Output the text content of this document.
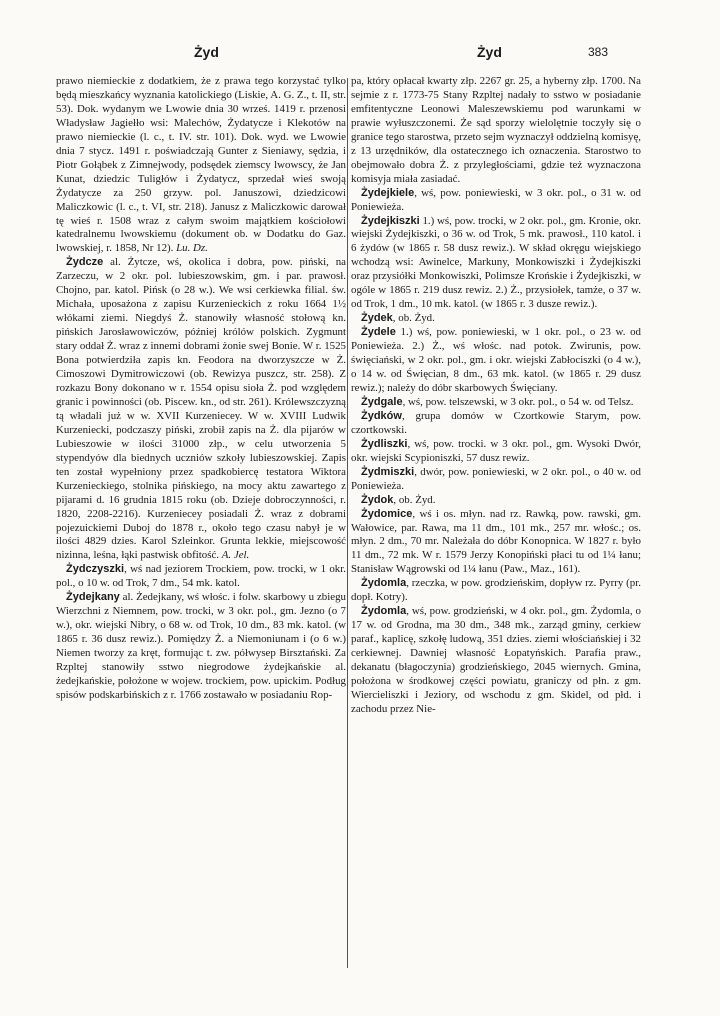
Żyd	Żyd	383

prawo niemieckie z dodatkiem, że z prawa tego korzystać tylko będą mieszkańcy wyznania katolickiego (Liskie, A. G. Z., t. II, str. 53). Dok. wydanym we Lwowie dnia 30 wrześ. 1419 r. przenosi Władysław Jagiełło wsi: Malechów, Żydatycze i Klekotów na prawo niemieckie (l. c., t. IV. str. 101). Dok. wyd. we Lwowie dnia 7 stycz. 1491 r. poświadczają Gunter z Sieniawy, sędzia, i Piotr Gołąbek z Zimnejwody, podsędek ziemscy lwowscy, że Jan Kunat, dziedzic Tuligłów i Żydatycz, sprzedał wieś swoją Żydatycze za 250 grzyw. pol. Januszowi, dziedzicowi Maliczkowic (l. c., t. VI, str. 218). Janusz z Maliczkowic darował tę wieś r. 1508 wraz z całym swoim majątkiem kościołowi katedralnemu lwowskiemu (dokument ob. w Dodatku do Gaz. lwowskiej, r. 1858, Nr 12). Lu. Dz.

Żydcze al. Żytcze, wś, okolica i dobra, pow. piński, na Zarzeczu, w 2 okr. pol. lubieszowskim, gm. i par. prawosł. Chojno, par. katol. Pińsk (o 28 w.). We wsi cerkiewka filial. św. Michała, uposażona z zapisu Kurzenieckich z roku 1664 1½ włókami ziemi. Niegdyś Ż. stanowiły własność stołową kn. pińskich Jarosławowiczów, później królów polskich. Zygmunt stary oddał Ż. wraz z innemi dobrami żonie swej Bonie. W r. 1525 Bona potwierdziła zapis kn. Feodora na dworzyszcze w Ż. Cimoszowi Dymitrowiczowi (ob. Rewizya puszcz, str. 258). Z rozkazu Bony dokonano w r. 1554 opisu sioła Ż. pod względem granic i powinności (ob. Piscew. kn., od str. 261). Królewszczyzną tą władali już w w. XVII Kurzeniecey. W w. XVIII Ludwik Kurzeniecki, podczaszy piński, zrobił zapis na Ż. dla pijarów w Lubieszowie w ilości 31000 złp., w celu utworzenia 5 stypendyów dla biednych uczniów szkoły lubieszowskiej. Zapis ten został wypełniony przez spadkobiercę testatora Wiktora Kurzenieckiego, stolnika pińskiego, na mocy aktu zawartego z pijarami d. 16 grudnia 1815 roku (ob. Dzieje dobroczynności, r. 1820, 2208-2216). Kurzeniecey posiadali Ż. wraz z dobrami pojezuickiemi Duboj do 1878 r., około tego czasu nabył je w ilości 4829 dzies. Karol Szleinkor. Grunta lekkie, miejscowość nizinna, leśna, łąki pastwisk obfitość. A. Jel.

Żydczyszki, wś nad jeziorem Trockiem, pow. trocki, w 1 okr. pol., o 10 w. od Trok, 7 dm., 54 mk. katol.

Żydejkany al. Żedejkany, wś włośc. i folw. skarbowy u zbiegu Wierzchni z Niemnem, pow. trocki, w 3 okr. pol., gm. Jezno (o 7 w.), okr. wiejski Nibry, o 68 w. od Trok, 10 dm., 83 mk. katol. (w 1865 r. 36 dusz rewiz.). Pomiędzy Ż. a Niemoniunam i (o 6 w.) Niemen tworzy za kręt, formując t. zw. półwysep Birsztański. Za Rzpltej stanowiły sstwo niegrodowe żydejkańskie al. żedejkańskie, położone w wojew. trockiem, pow. upickim. Podług spisów podskarbińskich z r. 1766 zostawało w posiadaniu Rop-

pa, który opłacał kwarty złp. 2267 gr. 25, a hyberny złp. 1700. Na sejmie z r. 1773-75 Stany Rzpltej nadały to sstwo w posiadanie emfitentyczne Leonowi Maleszewskiemu pod warunkami w prawie wyłuszczonemi. Że sąd sporzy wielolętnie toczyły się o granice tego starostwa, przeto sejm wyznaczył oddzielną komisyę, z 13 urzędników, dla ostatecznego ich oznaczenia. Starostwo to obejmowało dobra Ż. z przyległościami, gdzie też wyznaczona komisyja miała zasiadać.

Żydejkiele, wś, pow. poniewieski, w 3 okr. pol., o 31 w. od Poniewieża.

Żydejkiszki 1.) wś, pow. trocki, w 2 okr. pol., gm. Kronie, okr. wiejski Żydejkiszki, o 36 w. od Trok, 5 mk. prawosł., 110 katol. i 6 żydów (w 1865 r. 58 dusz rewiz.). W skład okręgu wiejskiego wchodzą wsi: Awinelce, Markuny, Monkowiszki i Żydejkiszki oraz przysiółki Monkowiszki, Polimsze Krońskie i Żydejkiszki, w ogóle w 1865 r. 219 dusz rewiz. 2.) Ż., przysiołek, tamże, o 37 w. od Trok, 1 dm., 10 mk. katol. (w 1865 r. 3 dusze rewiz.).

Żydek, ob. Żyd.

Żydele 1.) wś, pow. poniewieski, w 1 okr. pol., o 23 w. od Poniewieża. 2.) Ż., wś włośc. nad potok. Zwirunis, pow. święciański, w 2 okr. pol., gm. i okr. wiejski Zabłociszki (o 4 w.), o 14 w. od Święcian, 8 dm., 63 mk. katol. (w 1865 r. 29 dusz rewiz.); należy do dóbr skarbowych Święciany.

Żydgale, wś, pow. telszewski, w 3 okr. pol., o 54 w. od Telsz.

Żydków, grupa domów w Czortkowie Starym, pow. czortkowski.

Żydliszki, wś, pow. trocki. w 3 okr. pol., gm. Wysoki Dwór, okr. wiejski Scypioniszki, 57 dusz rewiz.

Żydmiszki, dwór, pow. poniewieski, w 2 okr. pol., o 40 w. od Poniewieża.

Żydok, ob. Żyd.

Żydomice, wś i os. młyn. nad rz. Rawką, pow. rawski, gm. Wałowice, par. Rawa, ma 11 dm., 101 mk., 257 mr. włośc.; os. młyn. 2 dm., 70 mr. Należała do dóbr Konopnica. W 1827 r. było 11 dm., 72 mk. W r. 1579 Jerzy Konopiński płaci tu od 1¼ łanu; Stanisław Wągrowski od 1¼ łanu (Paw., Maz., 161).

Żydomla, rzeczka, w pow. grodzieńskim, dopływ rz. Pyrry (pr. dopł. Kotry).

Żydomla, wś, pow. grodzieński, w 4 okr. pol., gm. Żydomla, o 17 w. od Grodna, ma 30 dm., 348 mk., zarząd gminy, cerkiew paraf., kaplicę, szkołę ludową, 351 dzies. ziemi włościańskiej i 32 cerkiewnej. Dawniej własność Łopatyńskich. Parafia praw., dekanatu (błagoczynia) grodzieńskiego, 2045 wiernych. Gmina, położona w środkowej części powiatu, graniczy od płn. z gm. Wiercieliszki i Jeziory, od wschodu z gm. Skidel, od płd. i zachodu przez Nie-
